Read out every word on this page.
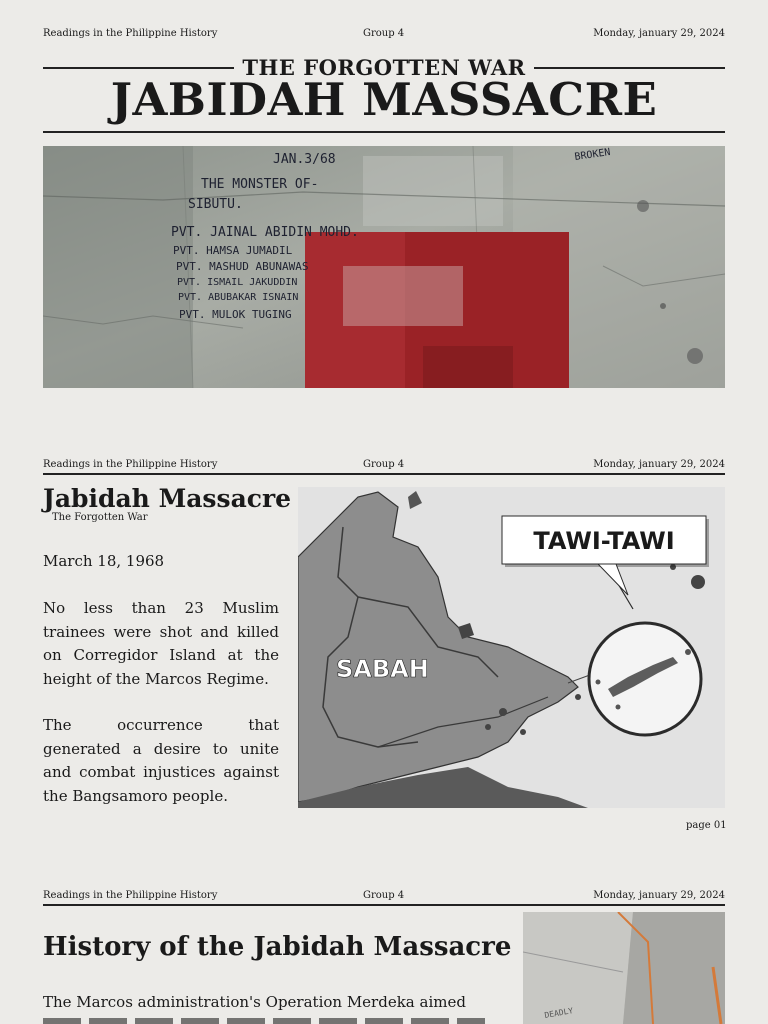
Readings in the Philippine History	Group 4	Monday, january 29, 2024
THE FORGOTTEN WAR
JABIDAH MASSACRE
JAN.3/68	BROKEN
THE MONSTER OF-
SIBUTU.
PVT. JAINAL ABIDIN MOHD.
PVT. HAMSA JUMADIL
PVT. MASHUD ABUNAWAS
PVT. ISMAIL JAKUDDIN
PVT. ABUBAKAR ISNAIN
PVT. MULOK TUGING
Readings in the Philippine History	Group 4	Monday, january 29, 2024
Jabidah Massacre
The Forgotten War
March 18, 1968
No less than 23 Muslim trainees were shot and killed on Corregidor Island at the height of the Marcos Regime.
The occurrence that generated a desire to unite and combat injustices against the Bangsamoro people.
TAWI-TAWI
SABAH
page 01
Readings in the Philippine History	Group 4	Monday, january 29, 2024
History of the Jabidah Massacre
The Marcos administration's Operation Merdeka aimed
DEADLY
